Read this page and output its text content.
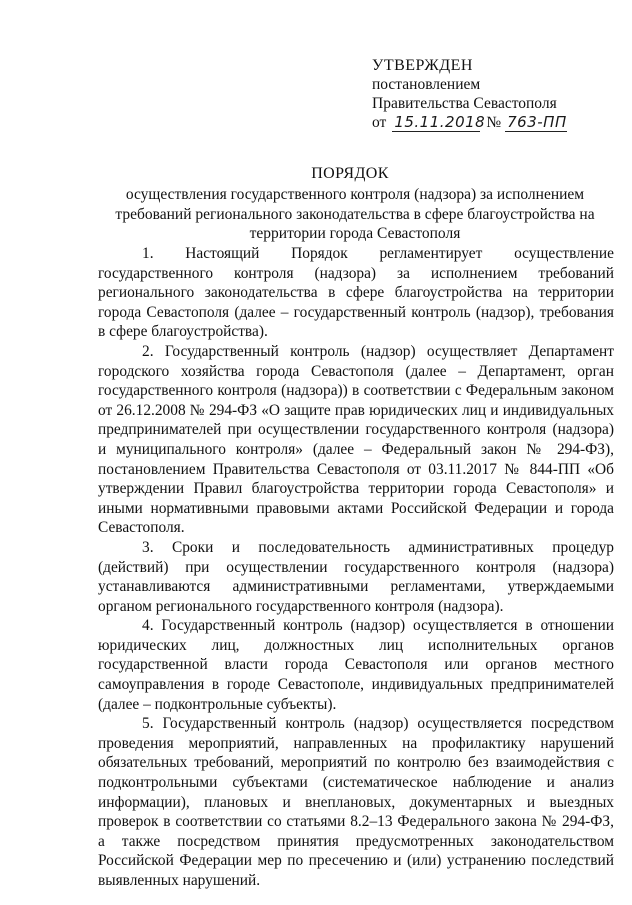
УТВЕРЖДЕН
постановлением
Правительства Севастополя
от 15.11.2018 № 763-ПП
ПОРЯДОК
осуществления государственного контроля (надзора) за исполнением требований регионального законодательства в сфере благоустройства на территории города Севастополя

1. Настоящий Порядок регламентирует осуществление государственного контроля (надзора) за исполнением требований регионального законодательства в сфере благоустройства на территории города Севастополя (далее – государственный контроль (надзор), требования в сфере благоустройства).

2. Государственный контроль (надзор) осуществляет Департамент городского хозяйства города Севастополя (далее – Департамент, орган государственного контроля (надзора)) в соответствии с Федеральным законом от 26.12.2008 № 294-ФЗ «О защите прав юридических лиц и индивидуальных предпринимателей при осуществлении государственного контроля (надзора) и муниципального контроля» (далее – Федеральный закон № 294-ФЗ), постановлением Правительства Севастополя от 03.11.2017 № 844-ПП «Об утверждении Правил благоустройства территории города Севастополя» и иными нормативными правовыми актами Российской Федерации и города Севастополя.

3. Сроки и последовательность административных процедур (действий) при осуществлении государственного контроля (надзора) устанавливаются административными регламентами, утверждаемыми органом регионального государственного контроля (надзора).

4. Государственный контроль (надзор) осуществляется в отношении юридических лиц, должностных лиц исполнительных органов государственной власти города Севастополя или органов местного самоуправления в городе Севастополе, индивидуальных предпринимателей (далее – подконтрольные субъекты).

5. Государственный контроль (надзор) осуществляется посредством проведения мероприятий, направленных на профилактику нарушений обязательных требований, мероприятий по контролю без взаимодействия с подконтрольными субъектами (систематическое наблюдение и анализ информации), плановых и внеплановых, документарных и выездных проверок в соответствии со статьями 8.2–13 Федерального закона № 294-ФЗ, а также посредством принятия предусмотренных законодательством Российской Федерации мер по пресечению и (или) устранению последствий выявленных нарушений.
